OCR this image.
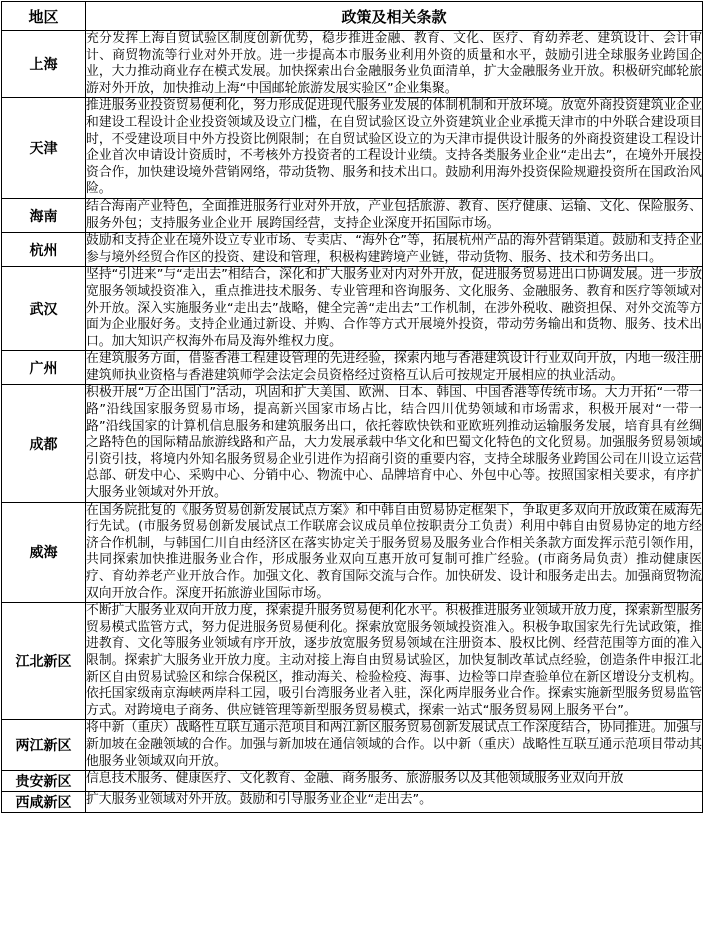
地区	政策及相关条款
上海	充分发挥上海自贸试验区制度创新优势，稳步推进金融、教育、文化、医疗、育幼养老、建筑设计、会计审计、商贸物流等行业对外开放。进一步提高本市服务业利用外资的质量和水平，鼓励引进全球服务业跨国企业，大力推动商业存在模式发展。加快探索出台金融服务业负面清单，扩大金融服务业开放。积极研究邮轮旅游对外开放，加快推动上海“中国邮轮旅游发展实验区”企业集聚。
天津	推进服务业投资贸易便利化，努力形成促进现代服务业发展的体制机制和开放环境。放宽外商投资建筑业企业和建设工程设计企业投资领域及设立门槛，在自贸试验区设立外资建筑业企业承揽天津市的中外联合建设项目时，不受建设项目中外方投资比例限制；在自贸试验区设立的为天津市提供设计服务的外商投资建设工程设计企业首次申请设计资质时，不考核外方投资者的工程设计业绩。支持各类服务业企业“走出去”，在境外开展投资合作，加快建设境外营销网络，带动货物、服务和技术出口。鼓励利用海外投资保险规避投资所在国政治风险。
海南	结合海南产业特色，全面推进服务行业对外开放，产业包括旅游、教育、医疗健康、运输、文化、保险服务、服务外包；支持服务业企业开 展跨国经营，支持企业深度开拓国际市场。
杭州	鼓励和支持企业在境外设立专业市场、专卖店、“海外仓”等，拓展杭州产品的海外营销渠道。鼓励和支持企业参与境外经贸合作区的投资、建设和管理，积极构建跨境产业链，带动货物、服务、技术和劳务出口。
武汉	坚持“引进来”与“走出去”相结合，深化和扩大服务业对内对外开放，促进服务贸易进出口协调发展。进一步放宽服务领域投资准入，重点推进技术服务、专业管理和咨询服务、文化服务、金融服务、教育和医疗等领域对外开放。深入实施服务业“走出去”战略，健全完善“走出去”工作机制，在涉外税收、融资担保、对外交流等方面为企业服好务。支持企业通过新设、并购、合作等方式开展境外投资，带动劳务输出和货物、服务、技术出口。加大知识产权海外布局及海外维权力度。
广州	在建筑服务方面，借鉴香港工程建设管理的先进经验，探索内地与香港建筑设计行业双向开放，内地一级注册建筑师执业资格与香港建筑师学会法定会员资格经过资格互认后可按规定开展相应的执业活动。
成都	积极开展“万企出国门”活动，巩固和扩大美国、欧洲、日本、韩国、中国香港等传统市场。大力开拓“一带一路”沿线国家服务贸易市场，提高新兴国家市场占比，结合四川优势领域和市场需求，积极开展对“一带一路”沿线国家的计算机信息服务和建筑服务出口，依托蓉欧快铁和亚欧班列推动运输服务发展，培育具有丝绸之路特色的国际精品旅游线路和产品，大力发展承载中华文化和巴蜀文化特色的文化贸易。加强服务贸易领域引资引技，将境内外知名服务贸易企业引进作为招商引资的重要内容，支持全球服务业跨国公司在川设立运营总部、研发中心、采购中心、分销中心、物流中心、品牌培育中心、外包中心等。按照国家相关要求，有序扩大服务业领域对外开放。
威海	在国务院批复的《服务贸易创新发展试点方案》和中韩自由贸易协定框架下，争取更多双向开放政策在威海先行先试。(市服务贸易创新发展试点工作联席会议成员单位按职责分工负责）利用中韩自由贸易协定的地方经济合作机制，与韩国仁川自由经济区在落实协定关于服务贸易及服务业合作相关条款方面发挥示范引领作用，共同探索加快推进服务业合作，形成服务业双向互惠开放可复制可推广经验。(市商务局负责）推动健康医疗、育幼养老产业开放合作。加强文化、教育国际交流与合作。加快研发、设计和服务走出去。加强商贸物流双向开放合作。深度开拓旅游业国际市场。
江北新区	不断扩大服务业双向开放力度，探索提升服务贸易便利化水平。积极推进服务业领域开放力度，探索新型服务贸易模式监管方式，努力促进服务贸易便利化。探索放宽服务领域投资准入。积极争取国家先行先试政策，推进教育、文化等服务业领域有序开放，逐步放宽服务贸易领域在注册资本、股权比例、经营范围等方面的准入限制。探索扩大服务业开放力度。主动对接上海自由贸易试验区，加快复制改革试点经验，创造条件申报江北新区自由贸易试验区和综合保税区，推动海关、检验检疫、海事、边检等口岸查验单位在新区增设分支机构。依托国家级南京海峡两岸科工园，吸引台湾服务业者入驻，深化两岸服务业合作。探索实施新型服务贸易监管方式。对跨境电子商务、供应链管理等新型服务贸易模式，探索一站式“服务贸易网上服务平台”。
两江新区	将中新（重庆）战略性互联互通示范项目和两江新区服务贸易创新发展试点工作深度结合，协同推进。加强与新加坡在金融领域的合作。加强与新加坡在通信领域的合作。以中新（重庆）战略性互联互通示范项目带动其他服务业领域双向开放。
贵安新区	信息技术服务、健康医疗、文化教育、金融、商务服务、旅游服务以及其他领域服务业双向开放
西咸新区	扩大服务业领域对外开放。鼓励和引导服务业企业“走出去”。
